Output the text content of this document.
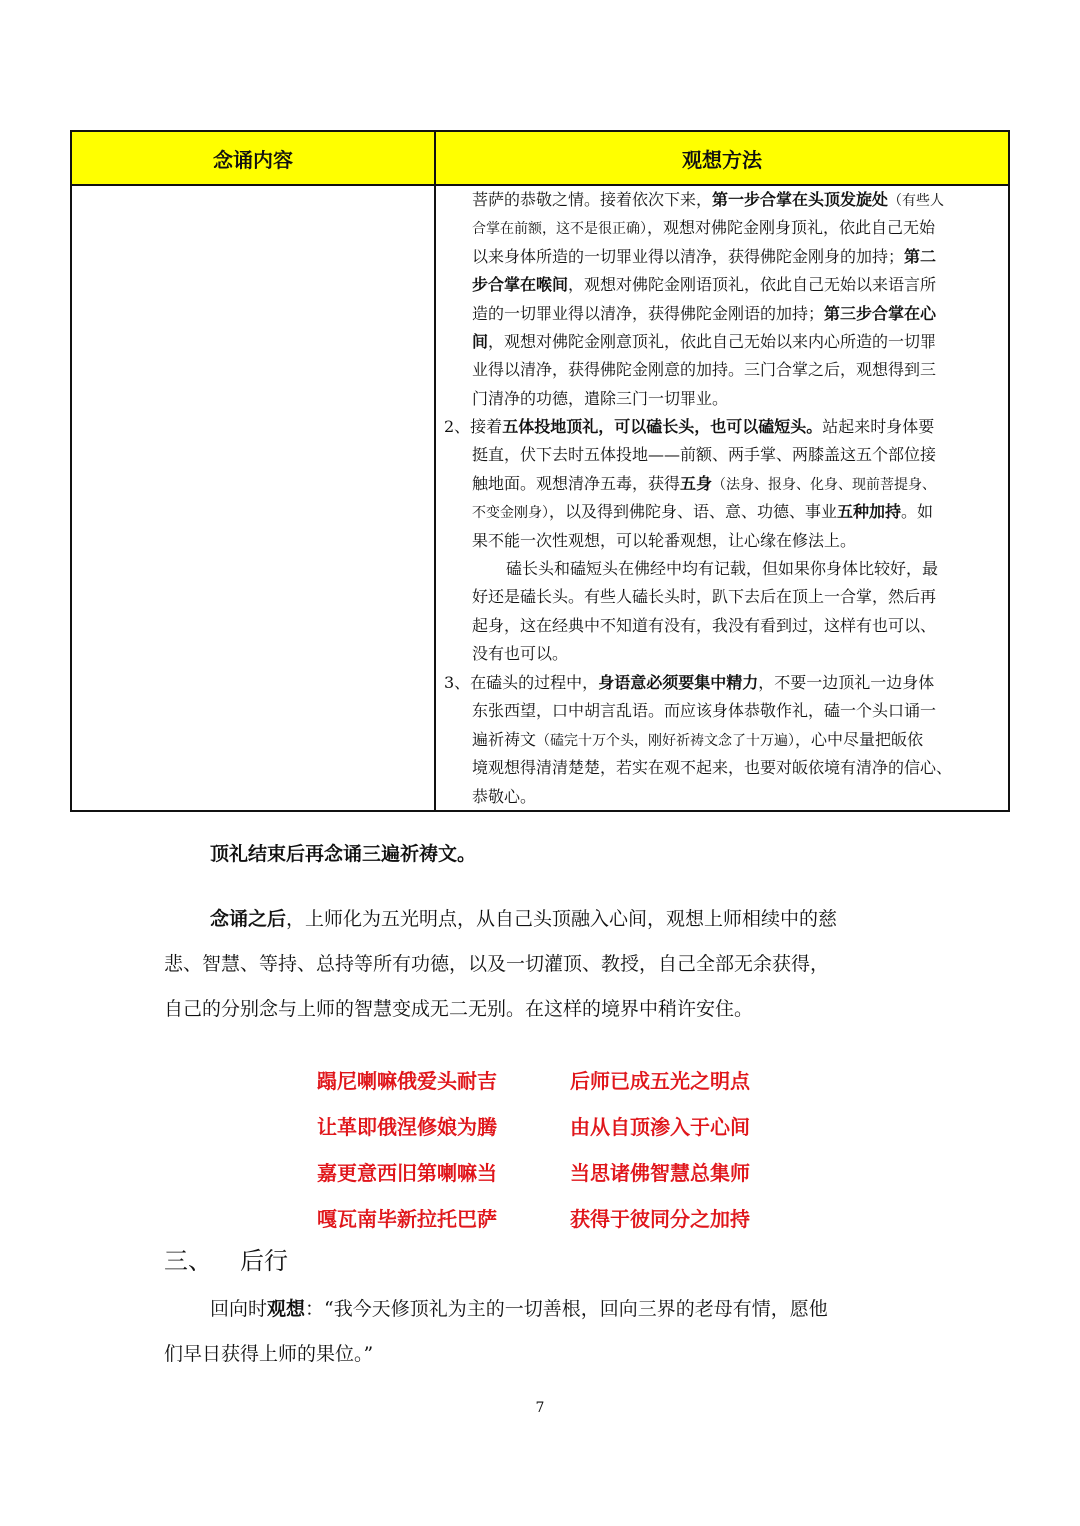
念诵内容	观想方法
菩萨的恭敬之情。接着依次下来，第一步合掌在头顶发旋处（有些人
合掌在前额，这不是很正确），观想对佛陀金刚身顶礼，依此自己无始
以来身体所造的一切罪业得以清净，获得佛陀金刚身的加持；第二
步合掌在喉间，观想对佛陀金刚语顶礼，依此自己无始以来语言所
造的一切罪业得以清净，获得佛陀金刚语的加持；第三步合掌在心
间，观想对佛陀金刚意顶礼，依此自己无始以来内心所造的一切罪
业得以清净，获得佛陀金刚意的加持。三门合掌之后，观想得到三
门清净的功德，遣除三门一切罪业。
2、接着五体投地顶礼，可以磕长头，也可以磕短头。站起来时身体要
挺直，伏下去时五体投地——前额、两手掌、两膝盖这五个部位接
触地面。观想清净五毒，获得五身（法身、报身、化身、现前菩提身、
不变金刚身），以及得到佛陀身、语、意、功德、事业五种加持。如
果不能一次性观想，可以轮番观想，让心缘在修法上。
磕长头和磕短头在佛经中均有记载，但如果你身体比较好，最
好还是磕长头。有些人磕长头时，趴下去后在顶上一合掌，然后再
起身，这在经典中不知道有没有，我没有看到过，这样有也可以、
没有也可以。
3、在磕头的过程中，身语意必须要集中精力，不要一边顶礼一边身体
东张西望，口中胡言乱语。而应该身体恭敬作礼，磕一个头口诵一
遍祈祷文（磕完十万个头，刚好祈祷文念了十万遍），心中尽量把皈依
境观想得清清楚楚，若实在观不起来，也要对皈依境有清净的信心、
恭敬心。
顶礼结束后再念诵三遍祈祷文。
念诵之后，上师化为五光明点，从自己头顶融入心间，观想上师相续中的慈
悲、智慧、等持、总持等所有功德，以及一切灌顶、教授，自己全部无余获得，
自己的分别念与上师的智慧变成无二无别。在这样的境界中稍许安住。
蹋尼喇嘛俄爱头耐吉
让革即俄涅修娘为腾
嘉更意西旧第喇嘛当
嘎瓦南毕新拉托巴萨
后师已成五光之明点
由从自顶渗入于心间
当思诸佛智慧总集师
获得于彼同分之加持
三、 后行
回向时观想：“我今天修顶礼为主的一切善根，回向三界的老母有情，愿他
们早日获得上师的果位。”
7
